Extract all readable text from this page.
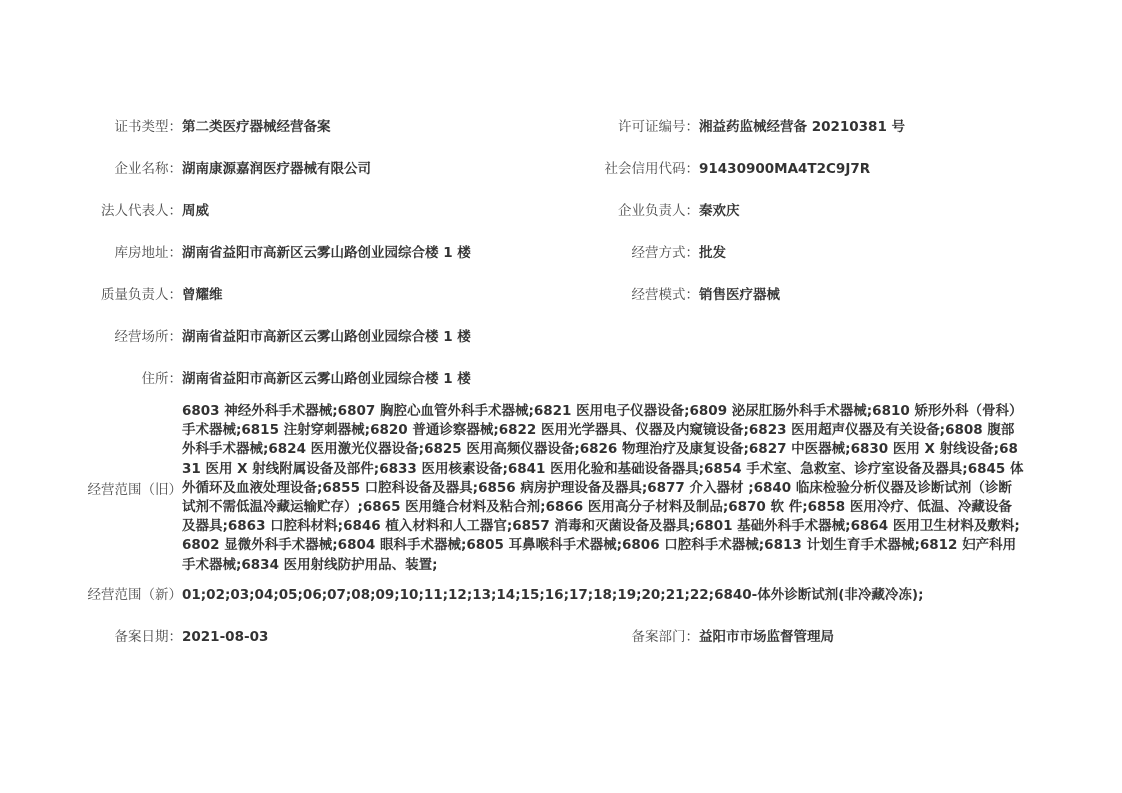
证书类型： 第二类医疗器械经营备案	许可证编号： 湘益药监械经营备 20210381 号
企业名称： 湖南康源嘉润医疗器械有限公司	社会信用代码： 91430900MA4T2C9J7R
法人代表人： 周威	企业负责人： 秦欢庆
库房地址： 湖南省益阳市高新区云雾山路创业园综合楼 1 楼	经营方式： 批发
质量负责人： 曾耀维	经营模式： 销售医疗器械
经营场所： 湖南省益阳市高新区云雾山路创业园综合楼 1 楼
住所： 湖南省益阳市高新区云雾山路创业园综合楼 1 楼
经营范围（旧）
6803 神经外科手术器械;6807 胸腔心血管外科手术器械;6821 医用电子仪器设备;6809 泌尿肛肠外科手术器械;6810 矫形外科（骨科）手术器械;6815 注射穿刺器械;6820 普通诊察器械;6822 医用光学器具、仪器及内窥镜设备;6823 医用超声仪器及有关设备;6808 腹部外科手术器械;6824 医用激光仪器设备;6825 医用高频仪器设备;6826 物理治疗及康复设备;6827 中医器械;6830 医用 X 射线设备;6831 医用 X 射线附属设备及部件;6833 医用核素设备;6841 医用化验和基础设备器具;6854 手术室、急救室、诊疗室设备及器具;6845 体外循环及血液处理设备;6855 口腔科设备及器具;6856 病房护理设备及器具;6877 介入器材 ;6840 临床检验分析仪器及诊断试剂（诊断试剂不需低温冷藏运输贮存）;6865 医用缝合材料及粘合剂;6866 医用高分子材料及制品;6870 软 件;6858 医用冷疗、低温、冷藏设备及器具;6863 口腔科材料;6846 植入材料和人工器官;6857 消毒和灭菌设备及器具;6801 基础外科手术器械;6864 医用卫生材料及敷料;6802 显微外科手术器械;6804 眼科手术器械;6805 耳鼻喉科手术器械;6806 口腔科手术器械;6813 计划生育手术器械;6812 妇产科用手术器械;6834 医用射线防护用品、装置;
经营范围（新） 01;02;03;04;05;06;07;08;09;10;11;12;13;14;15;16;17;18;19;20;21;22;6840-体外诊断试剂(非冷藏冷冻);
备案日期： 2021-08-03	备案部门： 益阳市市场监督管理局
